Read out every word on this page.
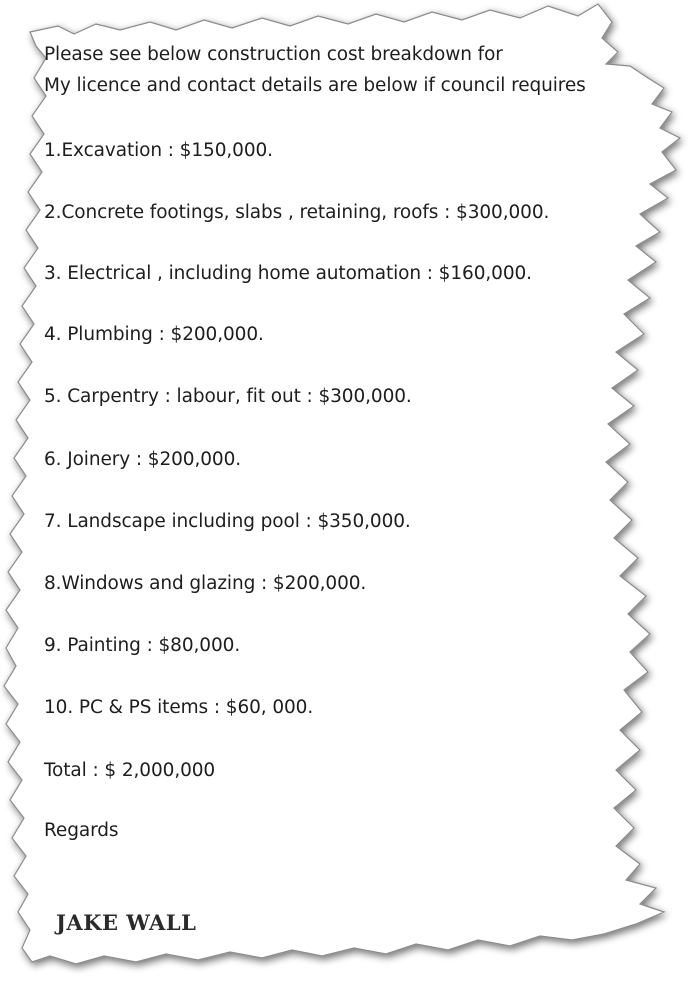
Please see below construction cost breakdown for
My licence and contact details are below if council requires
1.Excavation : $150,000.
2.Concrete footings, slabs , retaining, roofs : $300,000.
3. Electrical , including home automation : $160,000.
4. Plumbing : $200,000.
5. Carpentry : labour, fit out : $300,000.
6. Joinery : $200,000.
7. Landscape including pool : $350,000.
8.Windows and glazing : $200,000.
9. Painting : $80,000.
10. PC & PS items : $60, 000.
Total : $ 2,000,000
Regards
JAKE WALL
